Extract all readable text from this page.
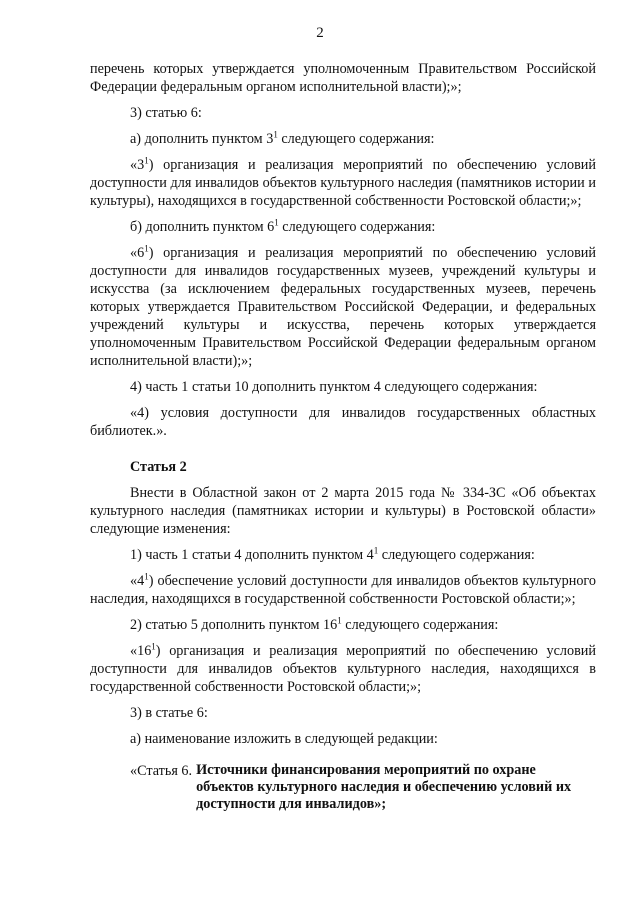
2

перечень которых утверждается уполномоченным Правительством Российской Федерации федеральным органом исполнительной власти);»;

3) статью 6:

а) дополнить пунктом $3^1$ следующего содержания:

«$3^1$) организация и реализация мероприятий по обеспечению условий доступности для инвалидов объектов культурного наследия (памятников истории и культуры), находящихся в государственной собственности Ростовской области;»;

б) дополнить пунктом $6^1$ следующего содержания:

«$6^1$) организация и реализация мероприятий по обеспечению условий доступности для инвалидов государственных музеев, учреждений культуры и искусства (за исключением федеральных государственных музеев, перечень которых утверждается Правительством Российской Федерации, и федеральных учреждений культуры и искусства, перечень которых утверждается уполномоченным Правительством Российской Федерации федеральным органом исполнительной власти);»;

4) часть 1 статьи 10 дополнить пунктом 4 следующего содержания:

«4) условия доступности для инвалидов государственных областных библиотек.».

Статья 2

Внести в Областной закон от 2 марта 2015 года № 334-ЗС «Об объектах культурного наследия (памятниках истории и культуры) в Ростовской области» следующие изменения:

1) часть 1 статьи 4 дополнить пунктом $4^1$ следующего содержания:

«$4^1$) обеспечение условий доступности для инвалидов объектов культурного наследия, находящихся в государственной собственности Ростовской области;»;

2) статью 5 дополнить пунктом $16^1$ следующего содержания:

«$16^1$) организация и реализация мероприятий по обеспечению условий доступности для инвалидов объектов культурного наследия, находящихся в государственной собственности Ростовской области;»;

3) в статье 6:

а) наименование изложить в следующей редакции:

«Статья 6. Источники финансирования мероприятий по охране объектов культурного наследия и обеспечению условий их доступности для инвалидов»;
